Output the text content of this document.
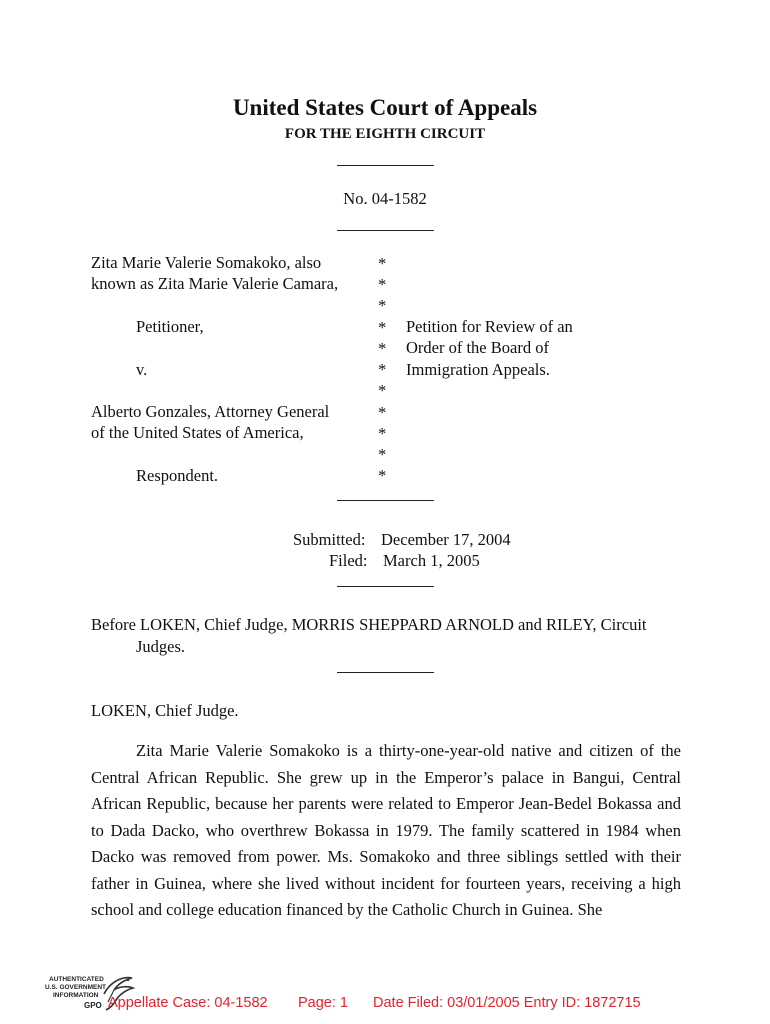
United States Court of Appeals
FOR THE EIGHTH CIRCUIT
No. 04-1582
Zita Marie Valerie Somakoko, also
known as Zita Marie Valerie Camara,
Petitioner,
v.
Alberto Gonzales, Attorney General
of the United States of America,
Respondent.
*
*
*
*
*
*
*
*
*
*
*
Petition for Review of an
Order of the Board of
Immigration Appeals.
Submitted: December 17, 2004
Filed: March 1, 2005
Before LOKEN, Chief Judge, MORRIS SHEPPARD ARNOLD and RILEY, Circuit
Judges.
LOKEN, Chief Judge.
Zita Marie Valerie Somakoko is a thirty-one-year-old native and citizen of the Central African Republic. She grew up in the Emperor’s palace in Bangui, Central African Republic, because her parents were related to Emperor Jean-Bedel Bokassa and to Dada Dacko, who overthrew Bokassa in 1979. The family scattered in 1984 when Dacko was removed from power. Ms. Somakoko and three siblings settled with their father in Guinea, where she lived without incident for fourteen years, receiving a high school and college education financed by the Catholic Church in Guinea. She
AUTHENTICATED
U.S. GOVERNMENT
INFORMATION
GPO Appellate Case: 04-1582 Page: 1 Date Filed: 03/01/2005 Entry ID: 1872715
